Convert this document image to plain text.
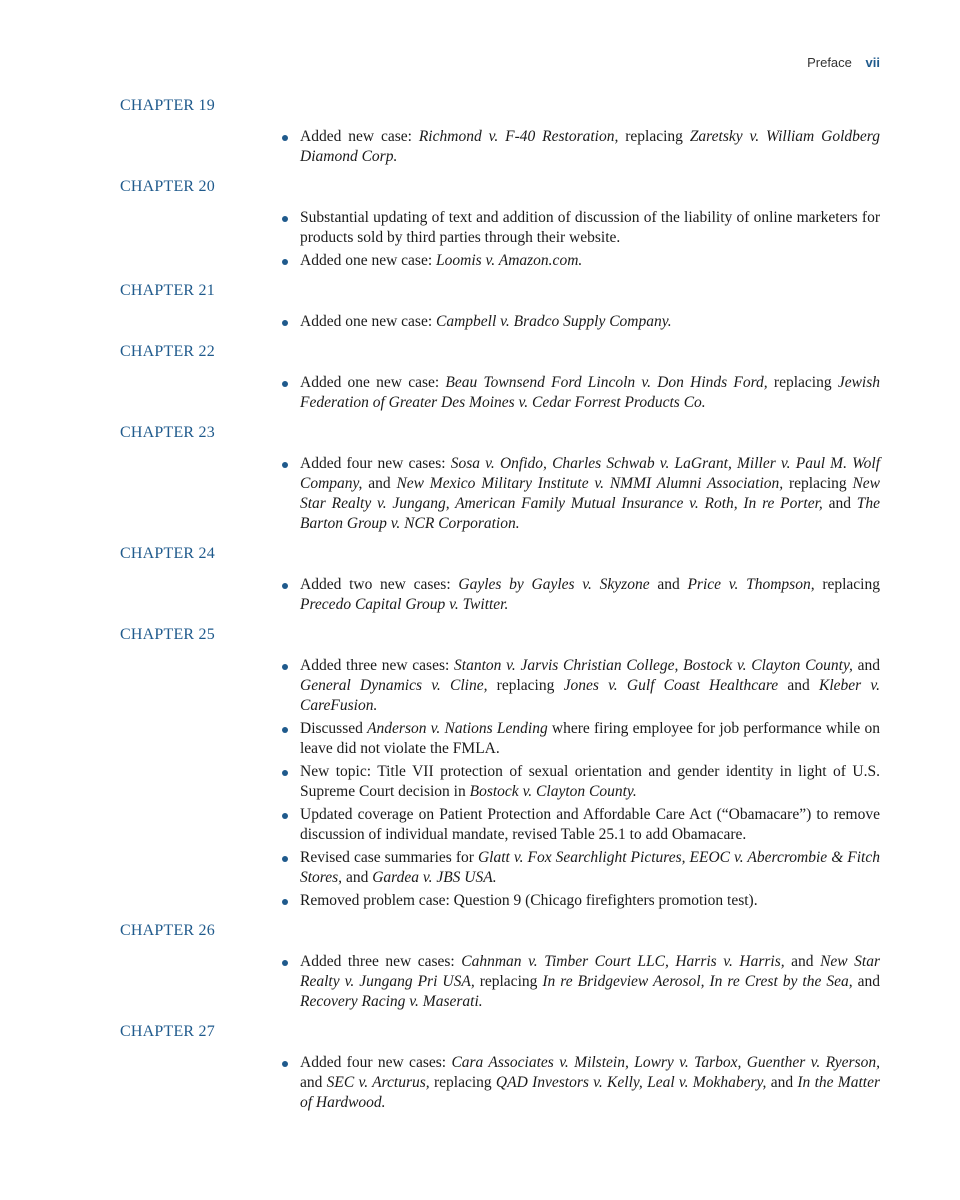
Preface vii
CHAPTER 19
Added new case: Richmond v. F-40 Restoration, replacing Zaretsky v. William Goldberg Diamond Corp.
CHAPTER 20
Substantial updating of text and addition of discussion of the liability of online marketers for products sold by third parties through their website.
Added one new case: Loomis v. Amazon.com.
CHAPTER 21
Added one new case: Campbell v. Bradco Supply Company.
CHAPTER 22
Added one new case: Beau Townsend Ford Lincoln v. Don Hinds Ford, replacing Jewish Federation of Greater Des Moines v. Cedar Forrest Products Co.
CHAPTER 23
Added four new cases: Sosa v. Onfido, Charles Schwab v. LaGrant, Miller v. Paul M. Wolf Company, and New Mexico Military Institute v. NMMI Alumni Association, replacing New Star Realty v. Jungang, American Family Mutual Insurance v. Roth, In re Porter, and The Barton Group v. NCR Corporation.
CHAPTER 24
Added two new cases: Gayles by Gayles v. Skyzone and Price v. Thompson, replacing Precedo Capital Group v. Twitter.
CHAPTER 25
Added three new cases: Stanton v. Jarvis Christian College, Bostock v. Clayton County, and General Dynamics v. Cline, replacing Jones v. Gulf Coast Healthcare and Kleber v. CareFusion.
Discussed Anderson v. Nations Lending where firing employee for job performance while on leave did not violate the FMLA.
New topic: Title VII protection of sexual orientation and gender identity in light of U.S. Supreme Court decision in Bostock v. Clayton County.
Updated coverage on Patient Protection and Affordable Care Act (“Obamacare”) to remove discussion of individual mandate, revised Table 25.1 to add Obamacare.
Revised case summaries for Glatt v. Fox Searchlight Pictures, EEOC v. Abercrombie & Fitch Stores, and Gardea v. JBS USA.
Removed problem case: Question 9 (Chicago firefighters promotion test).
CHAPTER 26
Added three new cases: Cahnman v. Timber Court LLC, Harris v. Harris, and New Star Realty v. Jungang Pri USA, replacing In re Bridgeview Aerosol, In re Crest by the Sea, and Recovery Racing v. Maserati.
CHAPTER 27
Added four new cases: Cara Associates v. Milstein, Lowry v. Tarbox, Guenther v. Ryerson, and SEC v. Arcturus, replacing QAD Investors v. Kelly, Leal v. Mokhabery, and In the Matter of Hardwood.
